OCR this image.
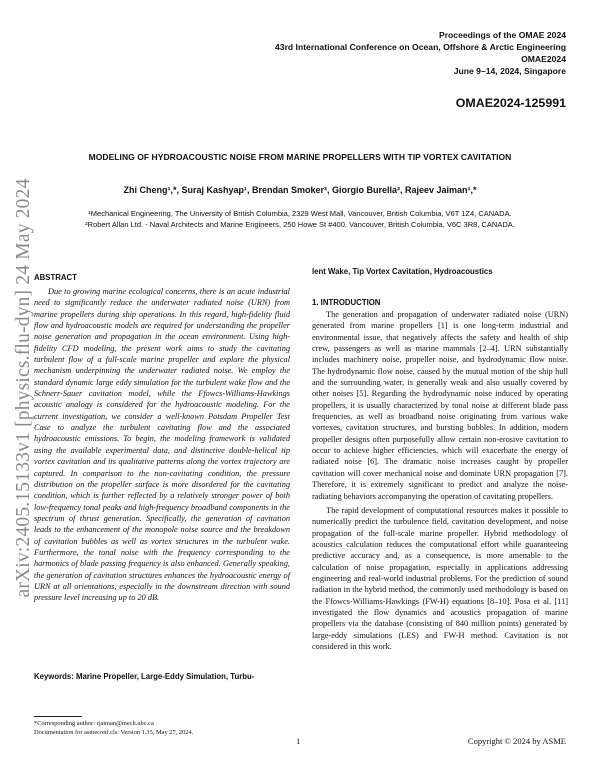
arXiv:2405.15133v1 [physics.flu-dyn] 24 May 2024
Proceedings of the OMAE 2024
43rd International Conference on Ocean, Offshore & Arctic Engineering
OMAE2024
June 9–14, 2024, Singapore
OMAE2024-125991
MODELING OF HYDROACOUSTIC NOISE FROM MARINE PROPELLERS WITH TIP VORTEX CAVITATION
Zhi Cheng¹,*, Suraj Kashyap¹, Brendan Smoker², Giorgio Burella², Rajeev Jaiman¹,*
¹Mechanical Engineering, The University of British Columbia, 2329 West Mall, Vancouver, British Columbia, V6T 1Z4, CANADA.
²Robert Allan Ltd. - Naval Architects and Marine Engineers, 250 Howe St #400, Vancouver, British Columbia, V6C 3R8, CANADA.
ABSTRACT

Due to growing marine ecological concerns, there is an acute industrial need to significantly reduce the underwater radiated noise (URN) from marine propellers during ship operations. In this regard, high-fidelity fluid flow and hydroacoustic models are required for understanding the propeller noise generation and propagation in the ocean environment. Using high-fidelity CFD modeling, the present work aims to study the cavitating turbulent flow of a full-scale marine propeller and explore the physical mechanism underpinning the underwater radiated noise. We employ the standard dynamic large eddy simulation for the turbulent wake flow and the Schnerr-Sauer cavitation model, while the Ffowcs-Williams-Hawkings acoustic analogy is considered for the hydroacoustic modeling. For the current investigation, we consider a well-known Potsdam Propeller Test Case to analyze the turbulent cavitating flow and the associated hydroacoustic emissions. To begin, the modeling framework is validated using the available experimental data, and distinctive double-helical tip vortex cavitation and its qualitative patterns along the vortex trajectory are captured. In comparison to the non-cavitating condition, the pressure distribution on the propeller surface is more disordered for the cavitating condition, which is further reflected by a relatively stronger power of both low-frequency tonal peaks and high-frequency broadband components in the spectrum of thrust generation. Specifically, the generation of cavitation leads to the enhancement of the monopole noise source and the breakdown of cavitation bubbles as well as vortex structures in the turbulent wake. Furthermore, the tonal noise with the frequency corresponding to the harmonics of blade passing frequency is also enhanced. Generally speaking, the generation of cavitation structures enhances the hydroacoustic energy of URN at all orientations, especially in the downstream direction with sound pressure level increasing up to 20 dB.

Keywords: Marine Propeller, Large-Eddy Simulation, Turbu-
*Corresponding author: rjaiman@mech.ubc.ca
Documentation for asmeconf.cls: Version 1.35, May 27, 2024.
lent Wake, Tip Vortex Cavitation, Hydroacoustics
1. INTRODUCTION

The generation and propagation of underwater radiated noise (URN) generated from marine propellers [1] is one long-term industrial and environmental issue, that negatively affects the safety and health of ship crew, passengers as well as marine mammals [2–4]. URN substantially includes machinery noise, propeller noise, and hydrodynamic flow noise. The hydrodynamic flow noise, caused by the mutual motion of the ship hull and the surrounding water, is generally weak and also usually covered by other noises [5]. Regarding the hydrodynamic noise induced by operating propellers, it is usually characterized by tonal noise at different blade pass frequencies, as well as broadband noise originating from various wake vortexes, cavitation structures, and bursting bubbles. In addition, modern propeller designs often purposefully allow certain non-erosive cavitation to occur to achieve higher efficiencies, which will exacerbate the energy of radiated noise [6]. The dramatic noise increases caught by propeller cavitation will cover mechanical noise and dominate URN propagation [7]. Therefore, it is extremely significant to predict and analyze the noise-radiating behaviors accompanying the operation of cavitating propellers.

The rapid development of computational resources makes it possible to numerically predict the turbulence field, cavitation development, and noise propagation of the full-scale marine propeller. Hybrid methodology of acoustics calculation reduces the computational effort while guaranteeing predictive accuracy and, as a consequence, is more amenable to the calculation of noise propagation, especially in applications addressing engineering and real-world industrial problems. For the prediction of sound radiation in the hybrid method, the commonly used methodology is based on the Ffowcs-Williams-Hawkings (FW-H) equations [8–10]. Posa et al. [11] investigated the flow dynamics and acoustics propagation of marine propellers via the database (consisting of 840 million points) generated by large-eddy simulations (LES) and FW-H method. Cavitation is not considered in this work.

1	Copyright © 2024 by ASME
